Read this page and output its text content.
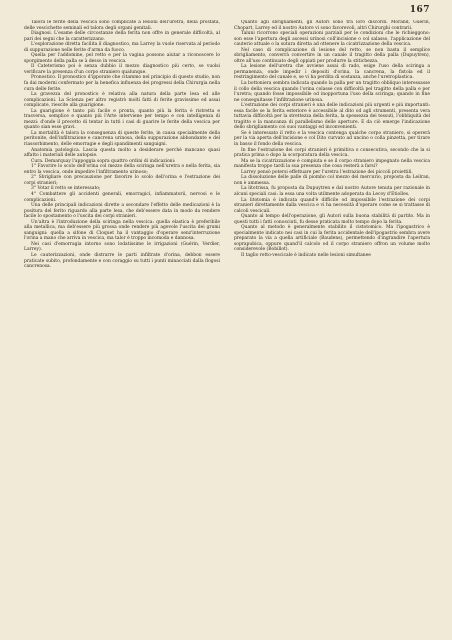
167

Talora le ferite della vescica sono complicate a lesioni dell'uretra, della prostata, delle vescichette seminali ed talora degli organi genitali.

Diagnosi. L'esame delle circostanze della ferita non offre in generale difficoltà, al pari dei segni che la caratterizzano.

L'esplorazione diretta facilita il diagnostico, ma Larrey la vuole riservata al periodo di suppurazione nelle ferite d'arma da fuoco.

Quella per l'addomine, pel retto e per la vagina possono aiutar a riconoscere lo sporgimento della palla se à desso in vescica.

Il Cateterismo poi è senza dubbio il mezzo diagnostico più certo, se vuolsi verificare la presenza d'un corpo straniero qualunque.

Pronostico. Il pronostico d'ipporate che citammo nel principio di questo studio, non fa dai moderni confermato per la benefica influenza dei progressi della Chirurgia nella cura delle ferite.

La gravezza del pronostico è relativa alla natura della parte lesa ed alle complicazioni. La Scienza per altro registrò molti fatti di ferite gravissime ed assai complicate, riescite alla guarigione.

La guarigione è tanto più facile e pronta, quanto più la ferita è ristretta e trasversa, semplice e quanto più l'Arte interviene per tempo e con intelligenza di mezzi: d'onde il precetto di tentar in tutti i casi di guarire le ferite della vescica per quanto sian esse gravi.

La mortalità è talora la conseguenza di queste ferite, in causa specialmente della peritonite, dell'infiltrazione e cancrena urinosa, della suppurazione abbondante e del riassorbimento, delle emorragie e degli spandimenti sanguigni.

Anatomia patologica. Lascia questa molto a desiderare perchè mancano quasi affatto i materiali delle autopsie.

Cura. Demarquay l'appoggia sopra quattro ordini di indicazioni:

1° Favorire lo scolo dell'orina col mezzo della sciringa nell'uretra o nella ferita, sia entro la vescica, onde impedire l'infiltramento urinoso;

2° Sbrigliare con precauzione per favorire lo scolo dell'orina e l'estrazione dei corpi stranieri;

3° Votar il retto se interessato;

4° Combattere gli accidenti generali, emorragici, infiammatorii, nervosi e le complicazioni.

Una delle principali indicazioni dirette a secondare l'effetto delle medicazioni è la positura del ferito riguardo alla parte lesa, che deb'essere data in modo da rendere facile lo spostamento o l'uscita dei corpi stranieri.

Un'altra è l'introduzione della sciringa nella vescica: quella elastica è preferibile alla metallica, ma deb'essere più grossa onde rendere più agevole l'uscita dei grumi sanguigni: quella a sifone di Cloquet ha il vantaggio d'operare senz'interruzione l'orina a mano che arriva in vescica, ma talor è troppo incomoda e dannosa.

Nei casi d'emorragia intorno sono lodatissime le irrigazioni (Guérin, Verdier, Larrey).

Le cauterizzazioni, onde distrarre le parti infiltrate d'orina, debbon essere praticate subito, profondamente e con coraggio su tutti i punti minacciati dalla flogosi cancrenosa.

Quanto agli sbrigliamenti, gli Autori sono tra loro discordi. Morand, Guérin, Chopart, Larrey ed il nostro Autore vi sono favorevoli, altri Chirurghi contrarii.

Taluni ricorrono speciali operazioni parziali per le condizioni che le richieggono: son esse l'apertura degli ascessi urinosi coll'incisione o col salasso, l'applicazione del cauterio attuale o la sutura diretta ad ottenere la cicatrizzazione della vescica.

Nel caso di complicazione di lesione del retto, se non basta il semplice sbrigliamento, converrà convertire in un canale il tragitto della palla (Dupuytren), oltre all'uso continuato degli oppiati per produrre la stitichezza.

La lesione dell'uretra che avviene assai di rado, esige l'uso della sciringa a permanenza, onde impedir i depositi d'orina, la cancrena, la fistola ed il restringimento del canale e, se vi ha perdita di sostanza, anche l'uretroplastica.

La bottoniera sembra indicata quando la palla per un tragitto obbliquo interessasse il collo della vescica quando l'orina colasse con difficoltà pel tragitto della palla e per l'uretra; quando fosse impossibile od inopportuna l'uso della sciringa; quando in fine ne conseguitasse l'infiltrazione urinosa.

L'estrazione dei corpi stranieri è una delle indicazioni più urgenti e più importanti: essa facile se la ferita esteriore è accessibile al dito od agli strumenti, presenta vera tuttavia difficoltà per la strettezza della ferita, la spessezza dei tessuti, l'obbliquità del tragitto e la mancanza di parallelismo delle aperture. E da ciò emerge l'indicazione dello sbrigliamento coi suoi vantaggi ed inconvenienti.

Se è interessato il retto e la vescica contenga qualche corpo straniero, si opererà per la via aperta dell'incisione e col Dito curvato ad uncino o colla pinzetta, per tirare in basso il fondo della vescica.

In fine l'estrazione dei corpi stranieri è primitiva o consecutiva, secondo che la si pratica prima o dopo la scorporatura della vescica.

Ma se la cicatrizzazione è compiuta e se il corpo straniero impegnato nella vescica manifesta troppo tardi la sua presenza che cosa resterà a farsi?

Larrey pensò potersi effettuare per l'uretra l'estrazione dei piccoli proiettili.

La dissoluzione delle palle di piombo col mezzo del mercurio, proposta da Leilran, non è ammessa.

La litotrissa, fu proposta da Dupuytren e dal nostro Autore tenuta per razionale in alcuni speciali casi: la essa una volta utilmente adoperata da Lecoy d'Etiolles.

La litotomia è indicata quand'è difficile od impossibile l'estrazione dei corpi stranieri direttamente dalla vescica e vi ha necessità d'operare come se si trattasse di calcoli vescicali.

Quanto al tempo dell'operazione, gli Autori sulla buona stabilità di partito. Ma in questi tutti i fatti conosciuti, fu desse praticata molto tempo dopo la ferita.

Quanto al metodo è generalmente stabilito il cistotomico. Ma l'ipogastrico è specialmente indicato nei casi in cui la ferita accidentale dell'ipogastrio sembra avere preparato la via a quella artificiale (Baudens), permettendo d'ingrandire l'apertura soprapubica, oppure quand'il calcolo od il corpo straniero offron un volume molto considerevole (Bobillot).

Il taglio retto-vescicale è indicato nelle lesioni simultanee
